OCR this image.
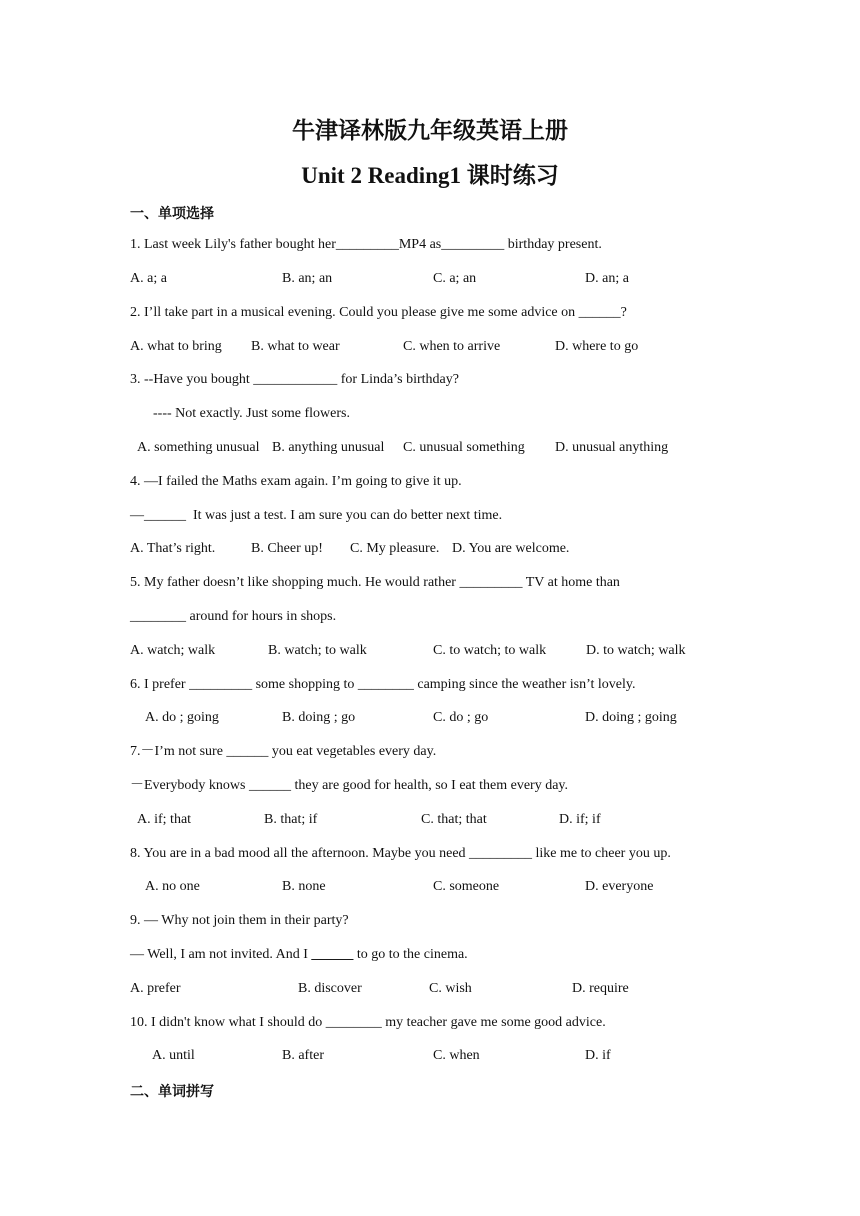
牛津译林版九年级英语上册
Unit 2 Reading1 课时练习
一、单项选择
1. Last week Lily's father bought her_________MP4 as_________ birthday present.
A. a; a	B. an; an	C. a; an	D. an; a
2. I’ll take part in a musical evening. Could you please give me some advice on ______?
A. what to bring B. what to wear	C. when to arrive	D. where to go
3. --Have you bought ____________ for Linda’s birthday?
---- Not exactly. Just some flowers.
A. something unusual B. anything unusual C. unusual something D. unusual anything
4. —I failed the Maths exam again. I’m going to give it up.
—______  It was just a test. I am sure you can do better next time.
A. That’s right.	B. Cheer up! C. My pleasure. D. You are welcome.
5. My father doesn’t like shopping much. He would rather _________ TV at home than
________ around for hours in shops.
A. watch; walk	B. watch; to walk	C. to watch; to walk	D. to watch; walk
6. I prefer _________ some shopping to ________ camping since the weather isn’t lovely.
A. do ; going	B. doing ; go	C. do ; go	D. doing ; going
7.－I’m not sure ______ you eat vegetables every day.
－Everybody knows ______ they are good for health, so I eat them every day.
A. if; that	B. that; if	C. that; that	D. if; if
8. You are in a bad mood all the afternoon. Maybe you need _________ like me to cheer you up.
A. no one	B. none	C. someone	D. everyone
9. — Why not join them in their party?
— Well, I am not invited. And I ______ to go to the cinema.
A. prefer	B. discover	C. wish	D. require
10. I didn't know what I should do ________ my teacher gave me some good advice.
A. until	B. after	C. when	D. if
二、单词拼写
